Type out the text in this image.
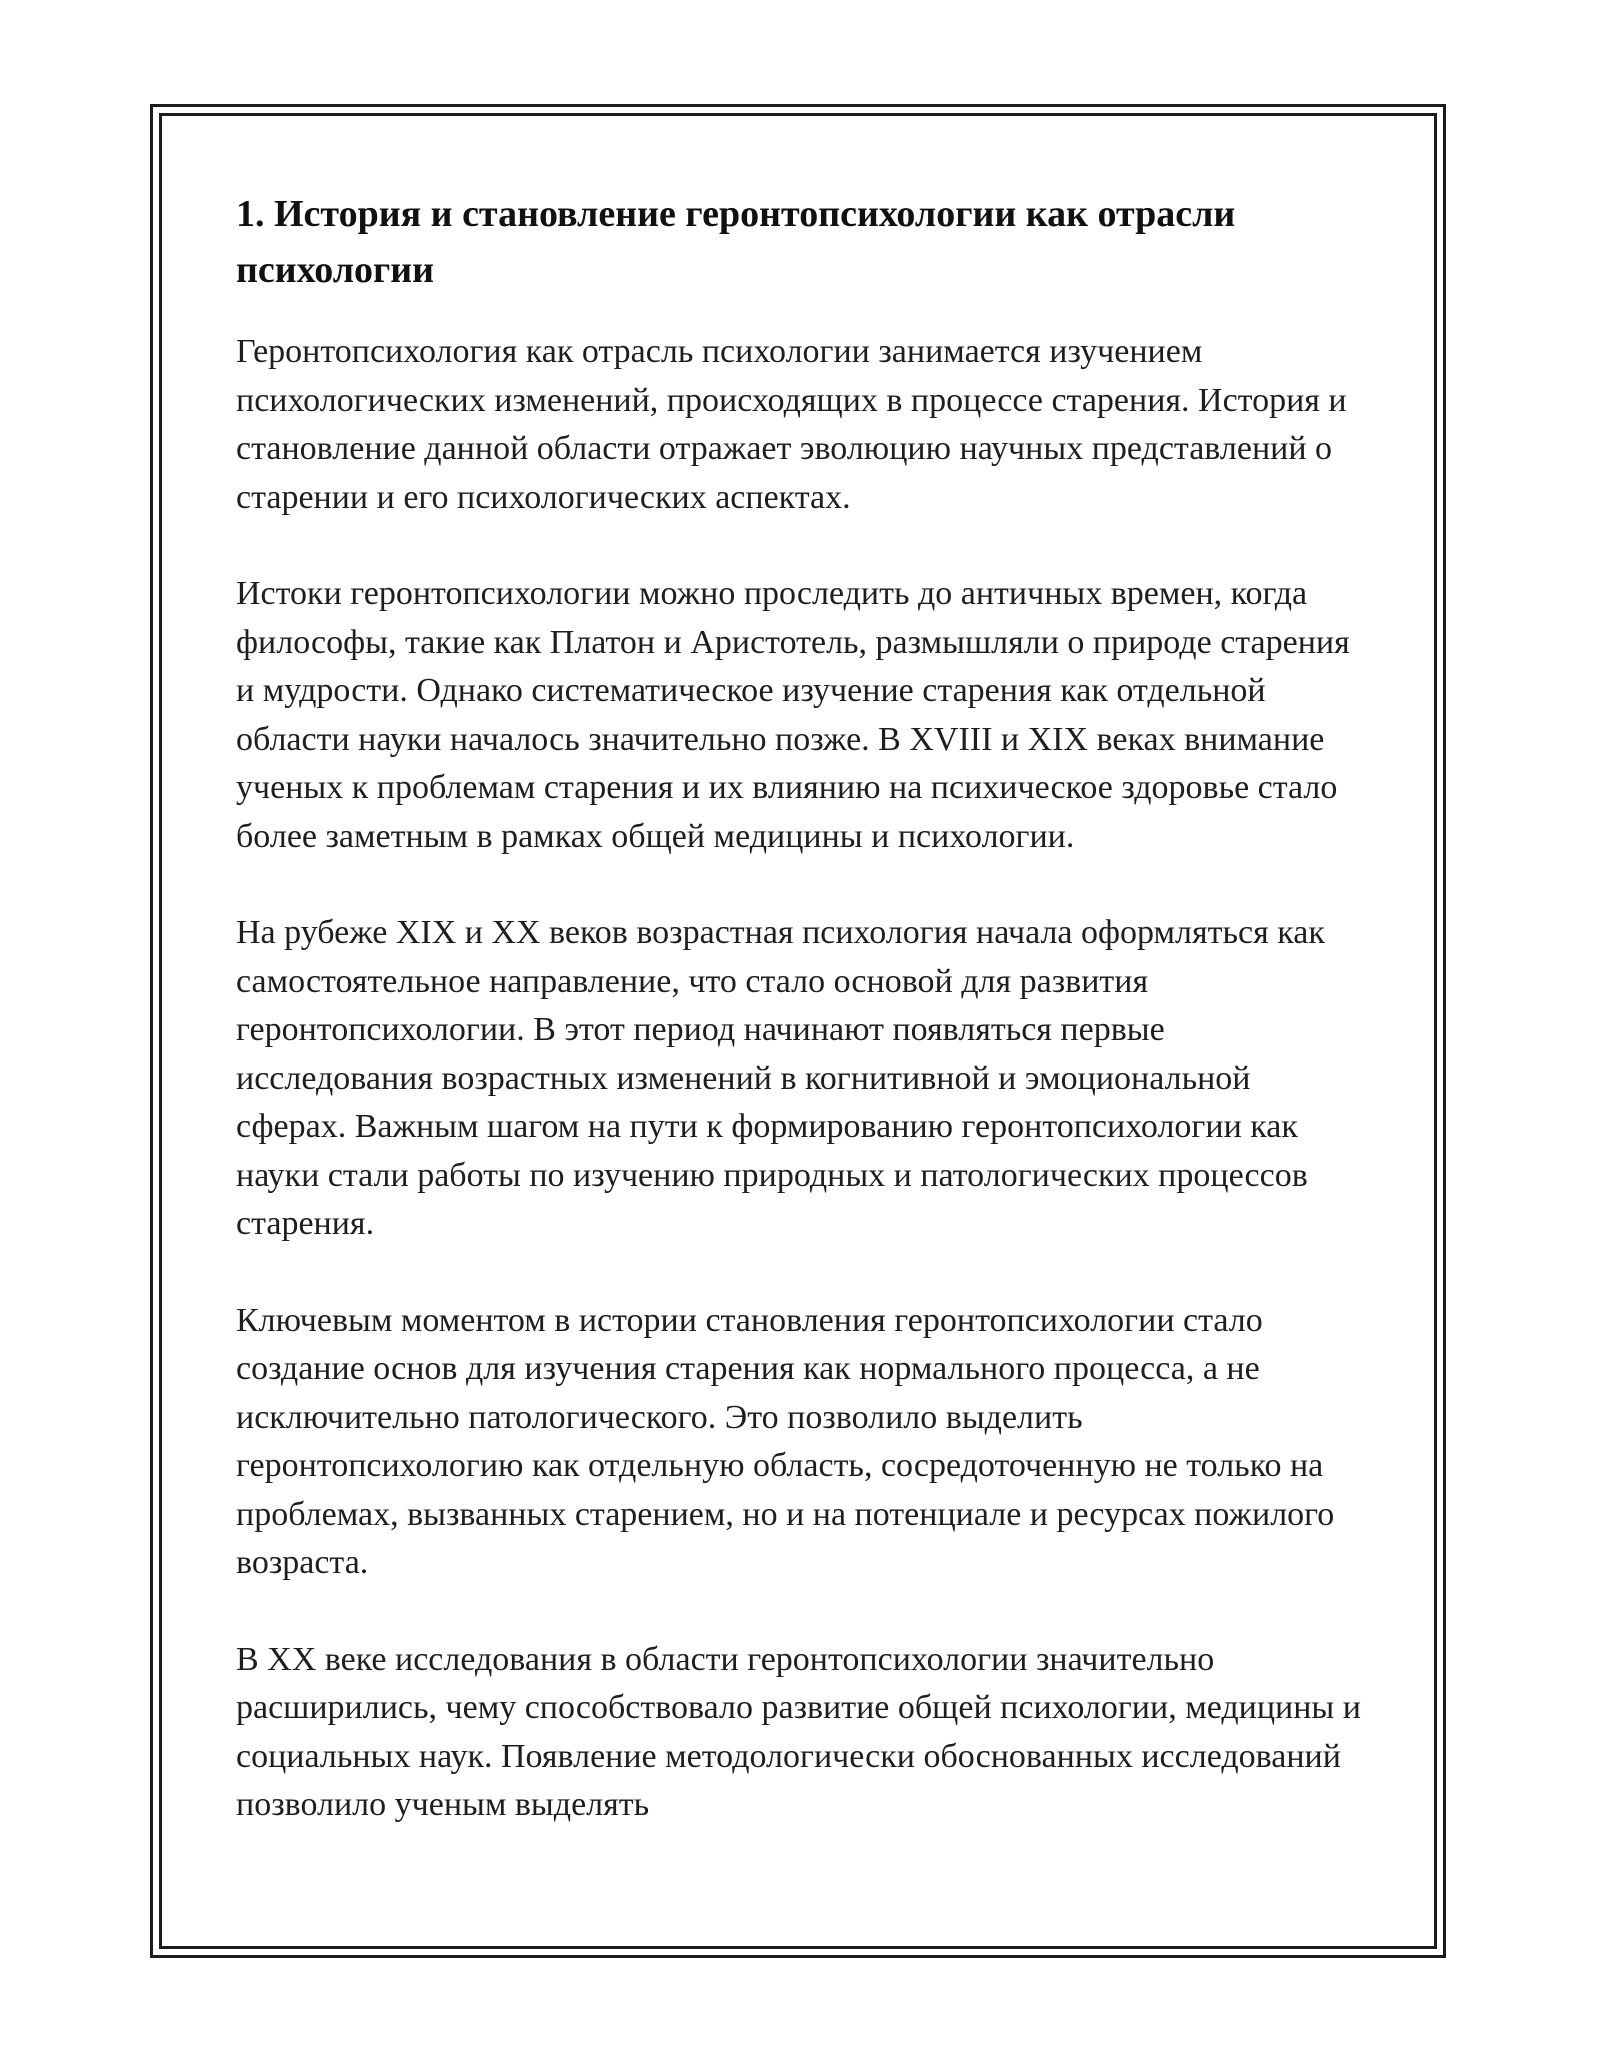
1. История и становление геронтопсихологии как отрасли психологии

Геронтопсихология как отрасль психологии занимается изучением психологических изменений, происходящих в процессе старения. История и становление данной области отражает эволюцию научных представлений о старении и его психологических аспектах.

Истоки геронтопсихологии можно проследить до античных времен, когда философы, такие как Платон и Аристотель, размышляли о природе старения и мудрости. Однако систематическое изучение старения как отдельной области науки началось значительно позже. В XVIII и XIX веках внимание ученых к проблемам старения и их влиянию на психическое здоровье стало более заметным в рамках общей медицины и психологии.

На рубеже XIX и XX веков возрастная психология начала оформляться как самостоятельное направление, что стало основой для развития геронтопсихологии. В этот период начинают появляться первые исследования возрастных изменений в когнитивной и эмоциональной сферах. Важным шагом на пути к формированию геронтопсихологии как науки стали работы по изучению природных и патологических процессов старения.

Ключевым моментом в истории становления геронтопсихологии стало создание основ для изучения старения как нормального процесса, а не исключительно патологического. Это позволило выделить геронтопсихологию как отдельную область, сосредоточенную не только на проблемах, вызванных старением, но и на потенциале и ресурсах пожилого возраста.

В XX веке исследования в области геронтопсихологии значительно расширились, чему способствовало развитие общей психологии, медицины и социальных наук. Появление методологически обоснованных исследований позволило ученым выделять
